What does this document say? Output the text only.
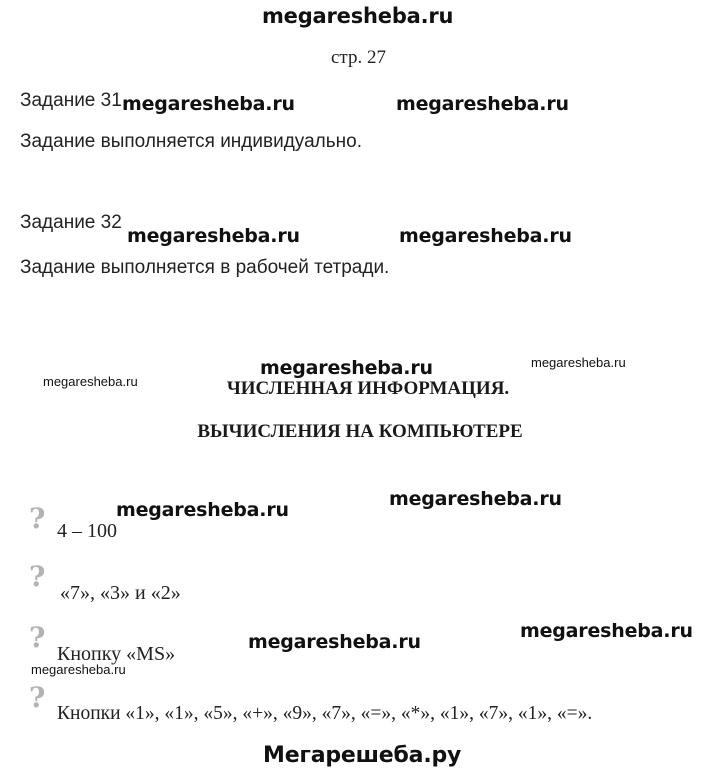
megaresheba.ru
стр. 27
Задание 31 megaresheba.ru	megaresheba.ru
Задание выполняется индивидуально.
Задание 32
megaresheba.ru	megaresheba.ru
Задание выполняется в рабочей тетради.
megaresheba.ru	megaresheba.ru
megaresheba.ru	ЧИСЛЕННАЯ ИНФОРМАЦИЯ.
ВЫЧИСЛЕНИЯ НА КОМПЬЮТЕРЕ
?	megaresheba.ru	megaresheba.ru
4 – 100
? «7», «3» и «2»
?	megaresheba.ru	megaresheba.ru
Кнопку «MS»
megaresheba.ru
? Кнопки «1», «1», «5», «+», «9», «7», «=», «*», «1», «7», «1», «=».
Мегарешеба.ру
